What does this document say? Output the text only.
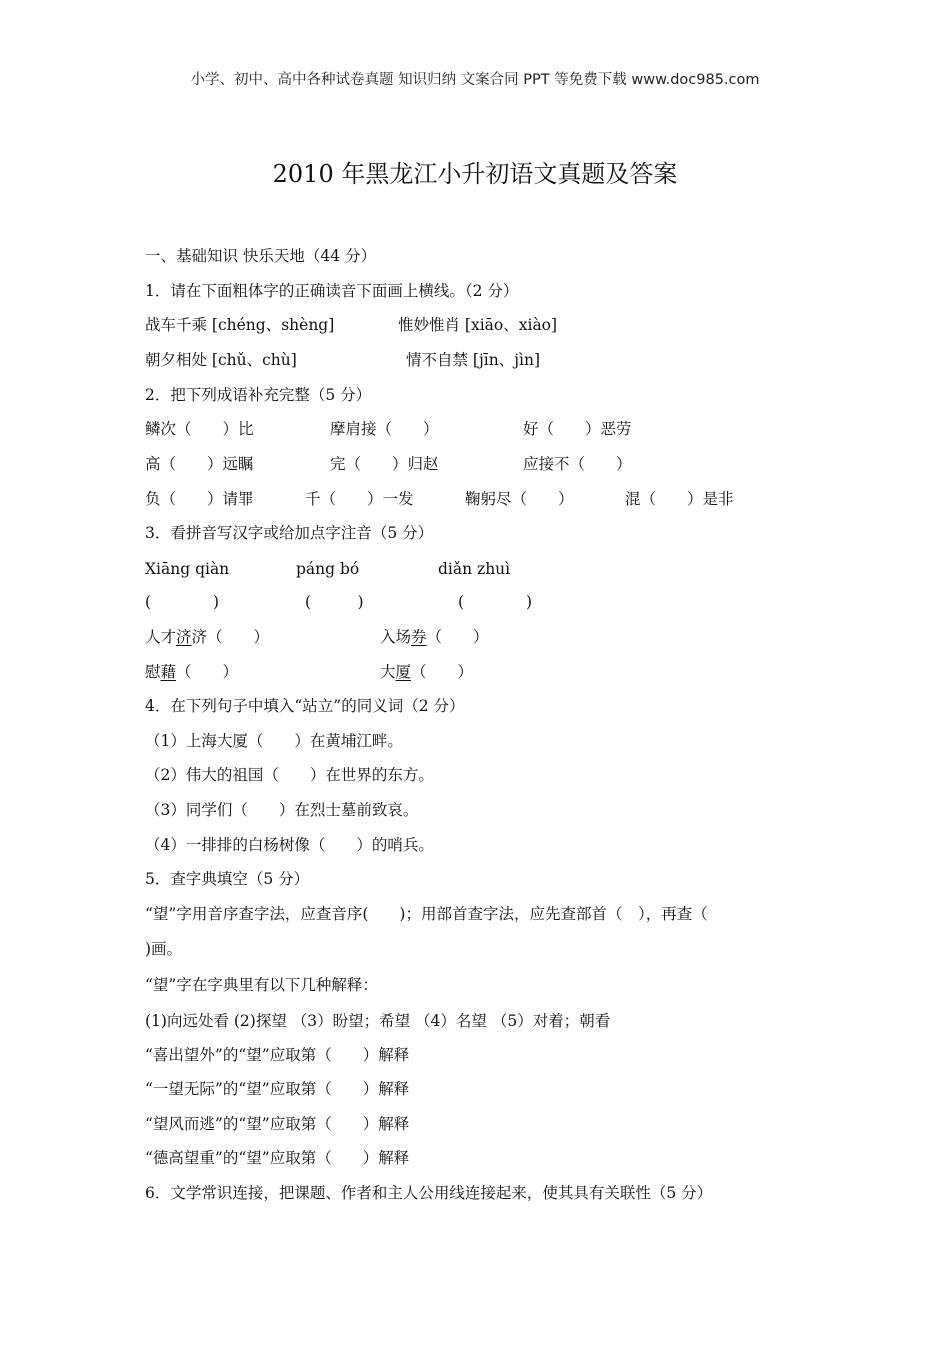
小学、初中、高中各种试卷真题 知识归纳 文案合同 PPT 等免费下载 www.doc985.com
2010 年黑龙江小升初语文真题及答案
一、基础知识 快乐天地（44 分）
1．请在下面粗体字的正确读音下面画上横线。（2 分）
战车千乘 [chéng、shèng]	惟妙惟肖 [xiāo、xiào]
朝夕相处 [chǔ、chù]	情不自禁 [jīn、jìn]
2．把下列成语补充完整（5 分）
鳞次（　　）比	摩肩接（　　）	好（　　）恶劳
高（　　）远瞩	完（　　）归赵	应接不（　　）
负（　　）请罪	千（　　）一发	鞠躬尽（　　）	混（　　）是非
3．看拼音写汉字或给加点字注音（5 分）
Xiāng qiàn	páng bó	diǎn zhuì
(　　　　)	(　　　)	(　　　　)
人才济济（　　）	入场券（　　）
慰藉（　　）	大厦（　　）
4．在下列句子中填入“站立”的同义词（2 分）
（1）上海大厦（　　）在黄埔江畔。
（2）伟大的祖国（　　）在世界的东方。
（3）同学们（　　）在烈士墓前致哀。
（4）一排排的白杨树像（　　）的哨兵。
5．查字典填空（5 分）
“望”字用音序查字法，应查音序(　　)；用部首查字法，应先查部首（　），再查（
)画。
“望”字在字典里有以下几种解释：
(1)向远处看 (2)探望 （3）盼望；希望 （4）名望 （5）对着；朝看
“喜出望外”的“望”应取第（　　）解释
“一望无际”的“望”应取第（　　）解释
“望风而逃”的“望”应取第（　　）解释
“德高望重”的“望”应取第（　　）解释
6．文学常识连接，把课题、作者和主人公用线连接起来，使其具有关联性（5 分）
